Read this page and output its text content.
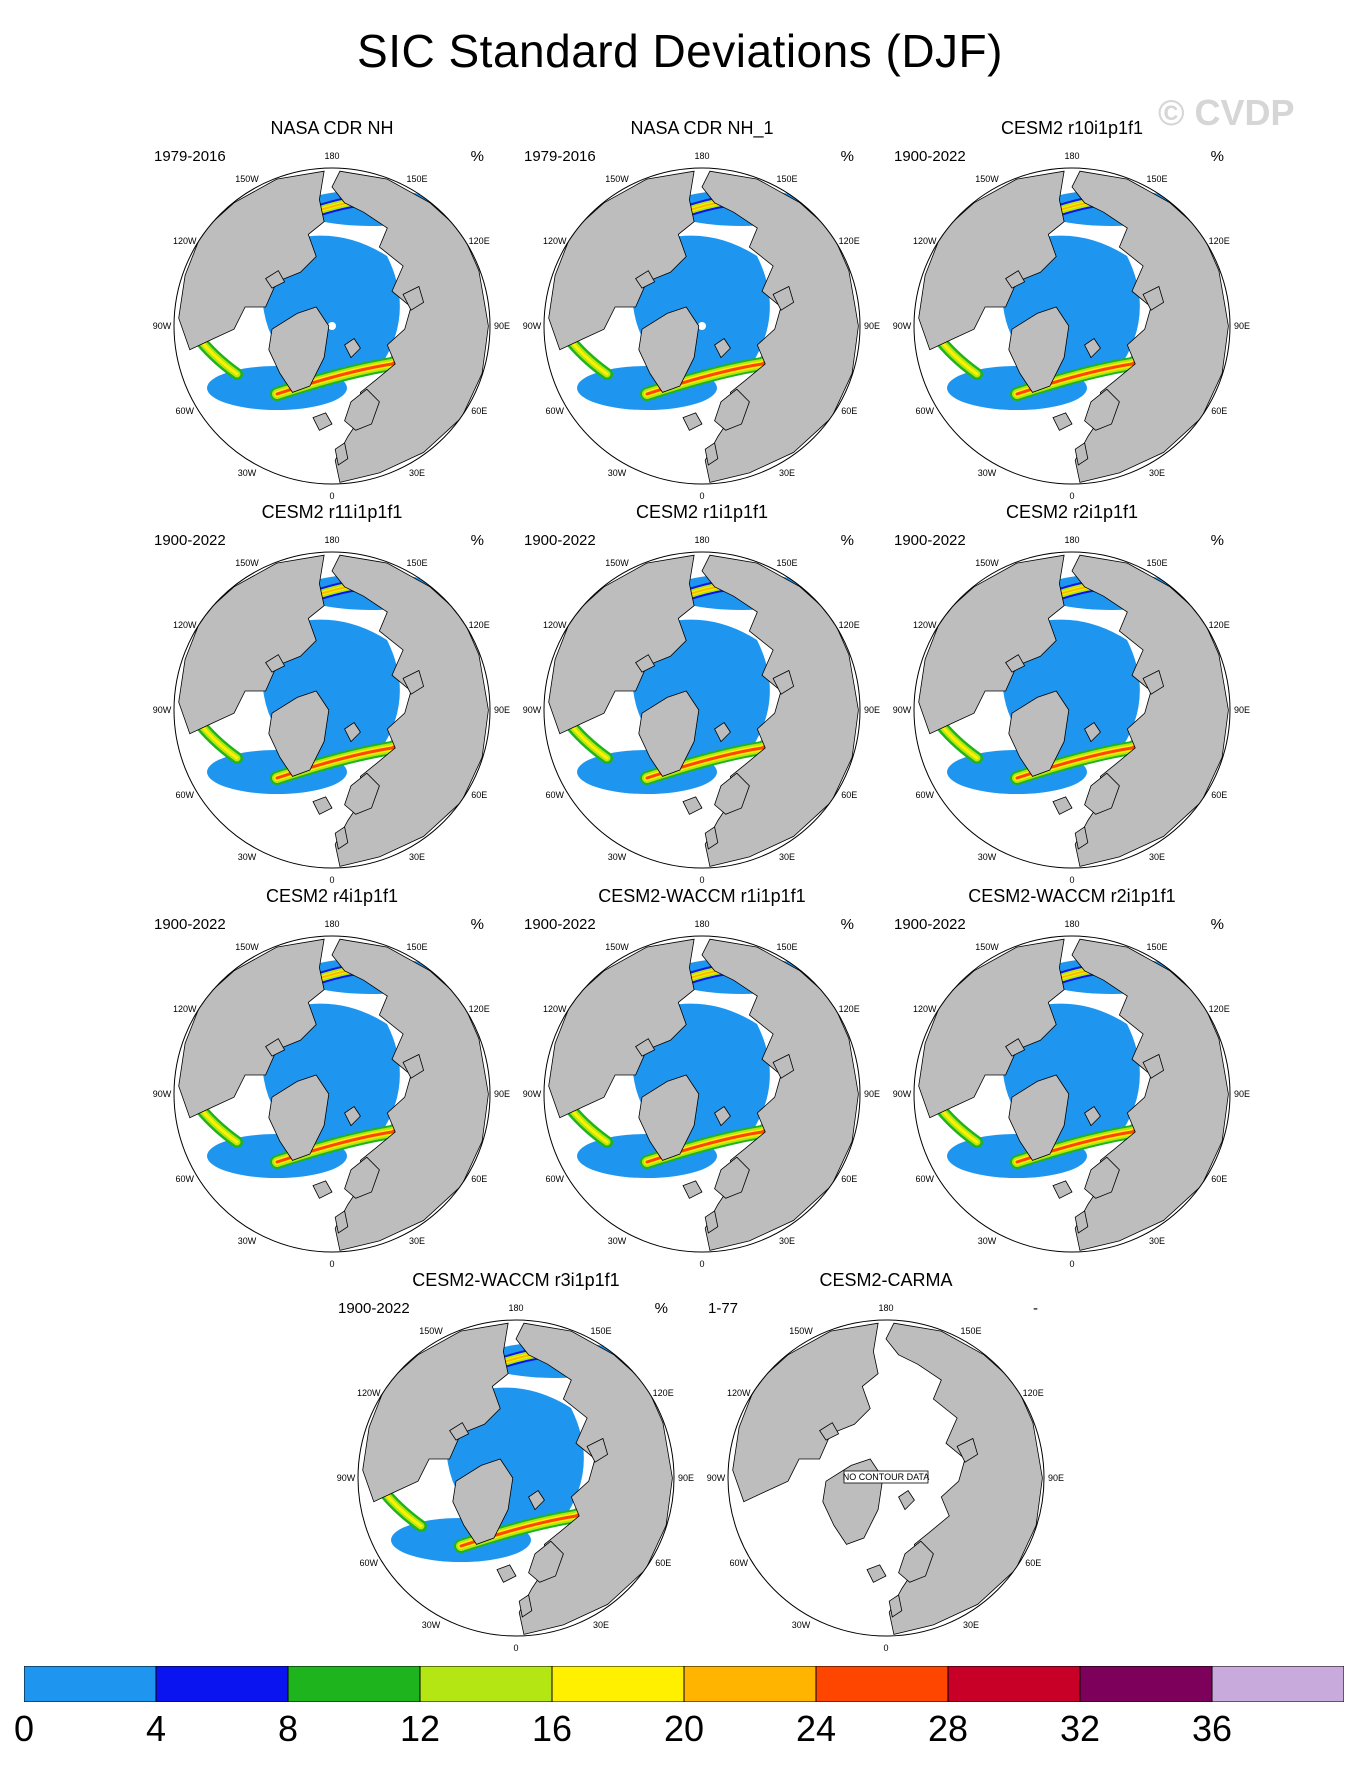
SIC Standard Deviations (DJF)
© CVDP
NASA CDR NH
1979-2016	%
180
150E
120E
90E
60E
30E
0
30W
60W
90W
120W
150W
NASA CDR NH_1
1979-2016	%
180
150E
120E
90E
60E
30E
0
30W
60W
90W
120W
150W
CESM2 r10i1p1f1
1900-2022	%
180
150E
120E
90E
60E
30E
0
30W
60W
90W
120W
150W
CESM2 r11i1p1f1
1900-2022	%
180
150E
120E
90E
60E
30E
0
30W
60W
90W
120W
150W
CESM2 r1i1p1f1
1900-2022	%
180
150E
120E
90E
60E
30E
0
30W
60W
90W
120W
150W
CESM2 r2i1p1f1
1900-2022	%
180
150E
120E
90E
60E
30E
0
30W
60W
90W
120W
150W
CESM2 r4i1p1f1
1900-2022	%
180
150E
120E
90E
60E
30E
0
30W
60W
90W
120W
150W
CESM2-WACCM r1i1p1f1
1900-2022	%
180
150E
120E
90E
60E
30E
0
30W
60W
90W
120W
150W
CESM2-WACCM r2i1p1f1
1900-2022	%
180
150E
120E
90E
60E
30E
0
30W
60W
90W
120W
150W
CESM2-WACCM r3i1p1f1
1900-2022	%
180
150E
120E
90E
60E
30E
0
30W
60W
90W
120W
150W
CESM2-CARMA
1-77	-
180
150E
120E
90E
60E
30E
0
30W
60W
90W
120W
150W
NO CONTOUR DATA
0	4	8	12	16	20	24	28	32	36
